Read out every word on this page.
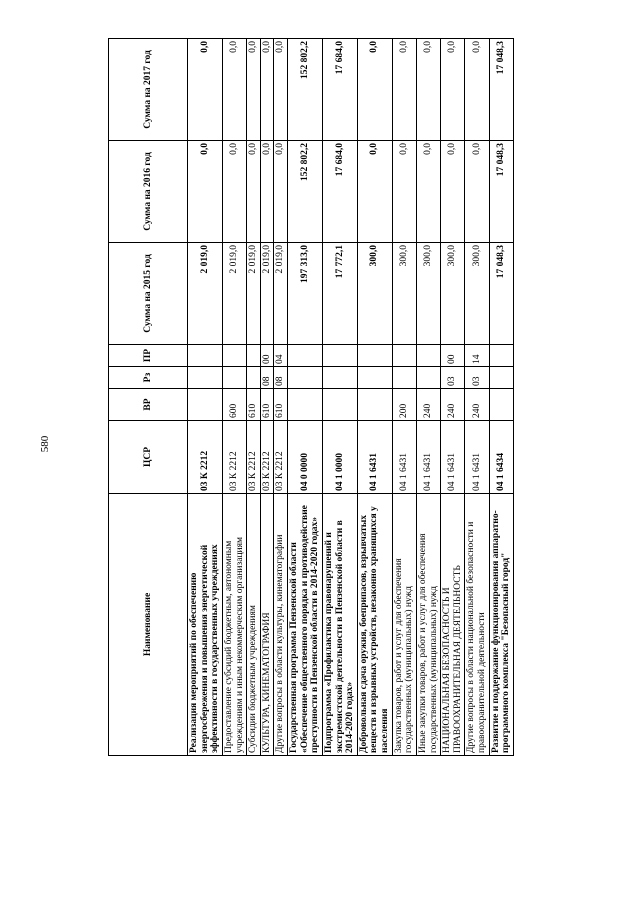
580
Наименование	ЦСР	ВР	Рз	ПР	Сумма на 2015 год	Сумма на 2016 год	Сумма на 2017 год
Реализация мероприятий по обеспечению энергосбережения и повышения энергетической эффективности в государственных учреждениях	03 К 2212				2 019,0	0,0	0,0
Предоставление субсидий бюджетным, автономным учреждениям и иным некоммерческим организациям	03 К 2212	600			2 019,0	0,0	0,0
Субсидии бюджетным учреждениям	03 К 2212	610			2 019,0	0,0	0,0
КУЛЬТУРА, КИНЕМАТОГРАФИЯ	03 К 2212	610	08	00	2 019,0	0,0	0,0
Другие вопросы в области культуры, кинематографии	03 К 2212	610	08	04	2 019,0	0,0	0,0
Государственная программа Пензенской области «Обеспечение общественного порядка и противодействие преступности в Пензенской области в 2014-2020 годах»	04 0 0000				197 313,0	152 802,2	152 802,2
Подпрограмма «Профилактика правонарушений и экстремистской деятельности в Пензенской области в 2014-2020 годах»	04 1 0000				17 772,1	17 684,0	17 684,0
Добровольная сдача оружия, боеприпасов, взрывчатых веществ и взрывных устройств, незаконно хранящихся у населения	04 1 6431				300,0	0,0	0,0
Закупка товаров, работ и услуг для обеспечения государственных (муниципальных) нужд	04 1 6431	200			300,0	0,0	0,0
Иные закупки товаров, работ и услуг для обеспечения государственных (муниципальных) нужд	04 1 6431	240			300,0	0,0	0,0
НАЦИОНАЛЬНАЯ БЕЗОПАСНОСТЬ И ПРАВООХРАНИТЕЛЬНАЯ ДЕЯТЕЛЬНОСТЬ	04 1 6431	240	03	00	300,0	0,0	0,0
Другие вопросы в области национальной безопасности и правоохранительной деятельности	04 1 6431	240	03	14	300,0	0,0	0,0
Развитие и поддержание функционирования аппаратно-программного комплекса "Безопасный город"	04 1 6434				17 048,3	17 048,3	17 048,3
